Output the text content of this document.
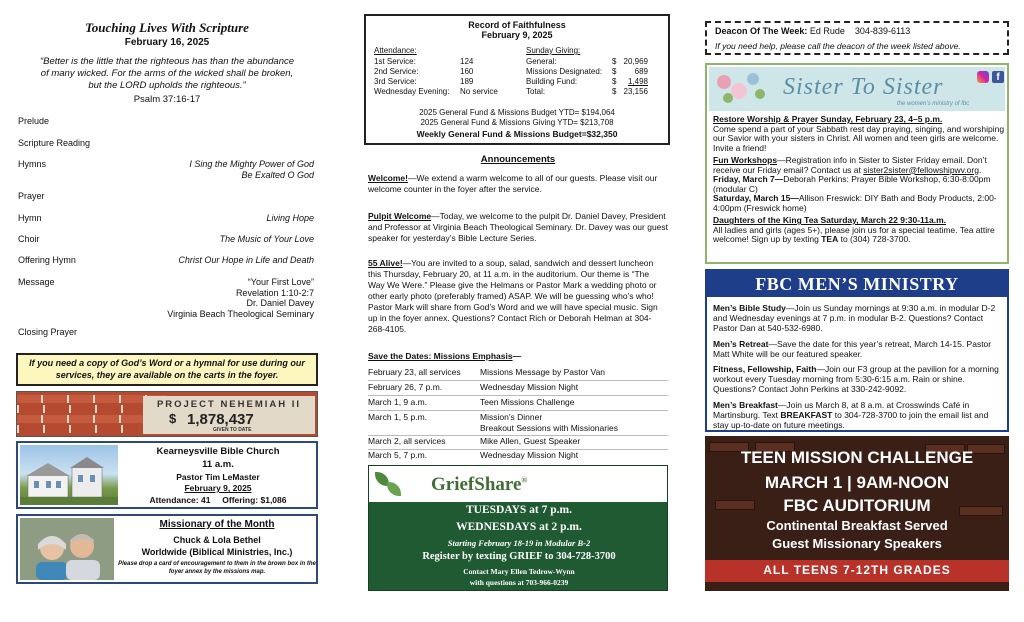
Touching Lives With Scripture
February 16, 2025
“Better is the little that the righteous has than the abundance of many wicked. For the arms of the wicked shall be broken, but the LORD upholds the righteous.”
Psalm 37:16-17
Prelude
Scripture Reading
Hymns	I Sing the Mighty Power of God
Be Exalted O God
Prayer
Hymn	Living Hope
Choir	The Music of Your Love
Offering Hymn	Christ Our Hope in Life and Death
Message	“Your First Love”
Revelation 1:10-2:7
Dr. Daniel Davey
Virginia Beach Theological Seminary
Closing Prayer
If you need a copy of God’s Word or a hymnal for use during our services, they are available on the carts in the foyer.
PROJECT NEHEMIAH II
$ 1,878,437
GIVEN TO DATE
Kearneysville Bible Church
11 a.m.
Pastor Tim LeMaster
February 9, 2025
Attendance: 41 Offering: $1,086
Missionary of the Month
Chuck & Lola Bethel
Worldwide (Biblical Ministries, Inc.)
Please drop a card of encouragement to them in the brown box in the foyer annex by the missions map.
Record of Faithfulness
February 9, 2025
Attendance:	Sunday Giving:
1st Service:	124
2nd Service:	160
3rd Service:	189
Wednesday Evening: No service
General:	$ 20,969
Missions Designated: $ 689
Building Fund:	$ 1,498
Total:	$ 23,156
2025 General Fund & Missions Budget YTD= $194,064
2025 General Fund & Missions Giving YTD= $213,708
Weekly General Fund & Missions Budget=$32,350
Announcements
Welcome!—We extend a warm welcome to all of our guests. Please visit our welcome counter in the foyer after the service.
Pulpit Welcome—Today, we welcome to the pulpit Dr. Daniel Davey, President and Professor at Virginia Beach Theological Seminary. Dr. Davey was our guest speaker for yesterday’s Bible Lecture Series.
55 Alive!—You are invited to a soup, salad, sandwich and dessert luncheon this Thursday, February 20, at 11 a.m. in the auditorium. Our theme is “The Way We Were.” Please give the Helmans or Pastor Mark a wedding photo or other early photo (preferably framed) ASAP. We will be guessing who’s who! Pastor Mark will share from God’s Word and we will have special music. Sign up in the foyer annex. Questions? Contact Rich or Deborah Helman at 304-268-4105.
Save the Dates: Missions Emphasis—
February 23, all services Missions Message by Pastor Van
February 26, 7 p.m.	Wednesday Mission Night
March 1, 9 a.m.	Teen Missions Challenge
March 1, 5 p.m.	Mission’s Dinner
Breakout Sessions with Missionaries
March 2, all services	Mike Allen, Guest Speaker
March 5, 7 p.m.	Wednesday Mission Night
GriefShare®
TUESDAYS at 7 p.m.
WEDNESDAYS at 2 p.m.
Starting February 18-19 in Modular B-2
Register by texting GRIEF to 304-728-3700
Contact Mary Ellen Tedrow-Wynn
with questions at 703-966-0239
Deacon Of The Week: Ed Rude 304-839-6113
If you need help, please call the deacon of the week listed above.
Sister To Sister
the women’s ministry of fbc
f

Restore Worship & Prayer Sunday, February 23, 4–5 p.m.
Come spend a part of your Sabbath rest day praying, singing, and worshiping our Savior with your sisters in Christ. All women and teen girls are welcome. Invite a friend!

Fun Workshops—Registration info in Sister to Sister Friday email. Don’t receive our Friday email? Contact us at sister2sister@fellowshipwv.org.
Friday, March 7—Deborah Perkins: Prayer Bible Workshop, 6:30-8:00pm (modular C)
Saturday, March 15—Allison Freswick: DIY Bath and Body Products, 2:00-4:00pm (Freswick home)

Daughters of the King Tea Saturday, March 22 9:30-11a.m.
All ladies and girls (ages 5+), please join us for a special teatime. Tea attire welcome! Sign up by texting TEA to (304) 728-3700.

FBC MEN’S MINISTRY

Men’s Bible Study—Join us Sunday mornings at 9:30 a.m. in modular D-2 and Wednesday evenings at 7 p.m. in modular B-2. Questions? Contact Pastor Dan at 540-532-6980.

Men’s Retreat—Save the date for this year’s retreat, March 14-15. Pastor Matt White will be our featured speaker.

Fitness, Fellowship, Faith—Join our F3 group at the pavilion for a morning workout every Tuesday morning from 5:30-6:15 a.m. Rain or shine. Questions? Contact John Perkins at 330-242-9092.

Men’s Breakfast—Join us March 8, at 8 a.m. at Crosswinds Café in Martinsburg. Text BREAKFAST to 304-728-3700 to join the email list and stay up-to-date on future meetings.

TEEN MISSION CHALLENGE
MARCH 1 | 9AM-NOON
FBC AUDITORIUM
Continental Breakfast Served
Guest Missionary Speakers
ALL TEENS 7-12TH GRADES
